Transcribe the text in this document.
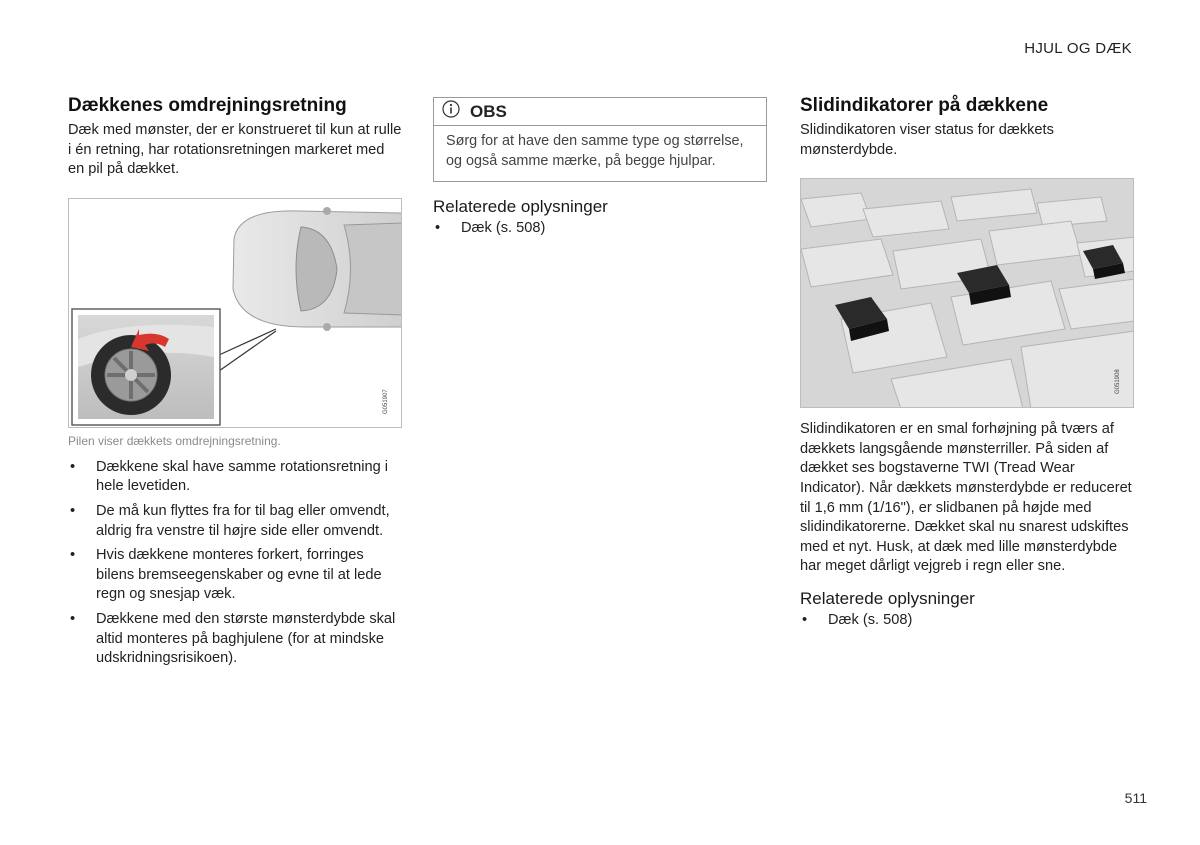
HJUL OG DÆK
Dækkenes omdrejningsretning

Dæk med mønster, der er konstrueret til kun at rulle i én retning, har rotationsretningen markeret med en pil på dækket.

G051907
Pilen viser dækkets omdrejningsretning.
• Dækkene skal have samme rotationsretning i hele levetiden.
• De må kun flyttes fra for til bag eller omvendt, aldrig fra venstre til højre side eller omvendt.
• Hvis dækkene monteres forkert, forringes bilens bremseegenskaber og evne til at lede regn og snesjap væk.
• Dækkene med den største mønsterdybde skal altid monteres på baghjulene (for at mindske udskridningsrisikoen).
OBS
Sørg for at have den samme type og størrelse, og også samme mærke, på begge hjulpar.
Relaterede oplysninger
• Dæk (s. 508)
Slidindikatorer på dækkene

Slidindikatoren viser status for dækkets mønsterdybde.

G051908

Slidindikatoren er en smal forhøjning på tværs af dækkets langsgående mønsterriller. På siden af dækket ses bogstaverne TWI (Tread Wear Indicator). Når dækkets mønsterdybde er reduceret til 1,6 mm (1/16"), er slidbanen på højde med slidindikatorerne. Dækket skal nu snarest udskiftes med et nyt. Husk, at dæk med lille mønsterdybde har meget dårligt vejgreb i regn eller sne.

Relaterede oplysninger
• Dæk (s. 508)
511
